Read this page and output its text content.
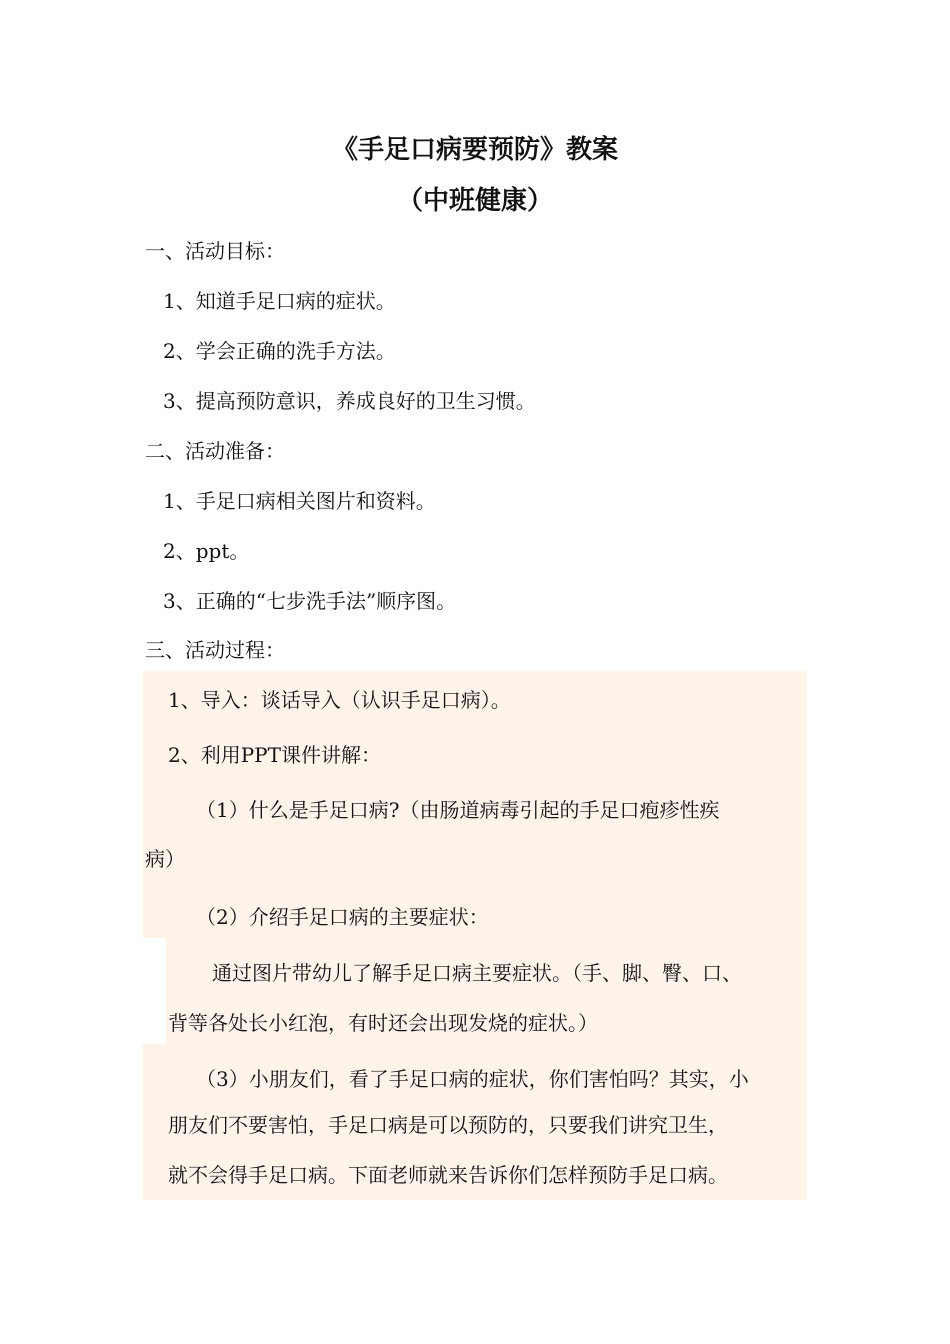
《手足口病要预防》教案
（中班健康）
一、活动目标：
1、知道手足口病的症状。
2、学会正确的洗手方法。
3、提高预防意识，养成良好的卫生习惯。
二、活动准备：
1、手足口病相关图片和资料。
2、ppt。
3、正确的“七步洗手法”顺序图。
三、活动过程：
1、导入：谈话导入（认识手足口病）。
2、利用PPT课件讲解：
（1）什么是手足口病?（由肠道病毒引起的手足口疱疹性疾
病）
（2）介绍手足口病的主要症状：
通过图片带幼儿了解手足口病主要症状。（手、脚、臀、口、
背等各处长小红泡，有时还会出现发烧的症状。）
（3）小朋友们，看了手足口病的症状，你们害怕吗？其实，小
朋友们不要害怕，手足口病是可以预防的，只要我们讲究卫生，
就不会得手足口病。下面老师就来告诉你们怎样预防手足口病。
